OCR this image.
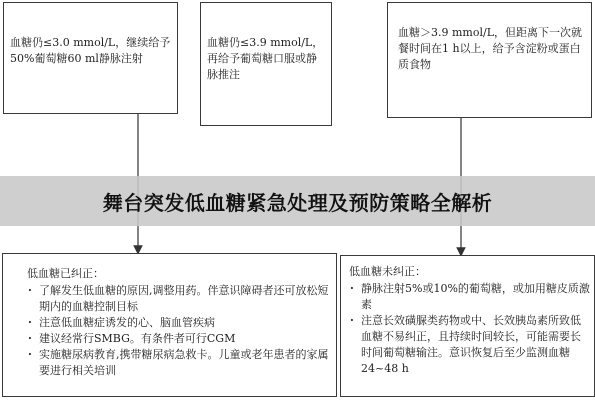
血糖仍≤3.0 mmol/L，继续给予50%葡萄糖60 ml静脉注射
血糖仍≤3.9 mmol/L，再给予葡萄糖口服或静脉推注
血糖＞3.9 mmol/L，但距离下一次就餐时间在1 h以上，给予含淀粉或蛋白质食物
低血糖已纠正：
· 了解发生低血糖的原因,调整用药。伴意识障碍者还可放松短期内的血糖控制目标
· 注意低血糖症诱发的心、脑血管疾病
· 建议经常行SMBG。有条件者可行CGM
· 实施糖尿病教育,携带糖尿病急救卡。儿童或老年患者的家属要进行相关培训
低血糖未纠正：
· 静脉注射5%或10%的葡萄糖，或加用糖皮质激素
· 注意长效磺脲类药物或中、长效胰岛素所致低血糖不易纠正，且持续时间较长，可能需要长时间葡萄糖输注。意识恢复后至少监测血糖24~48 h
舞台突发低血糖紧急处理及预防策略全解析
